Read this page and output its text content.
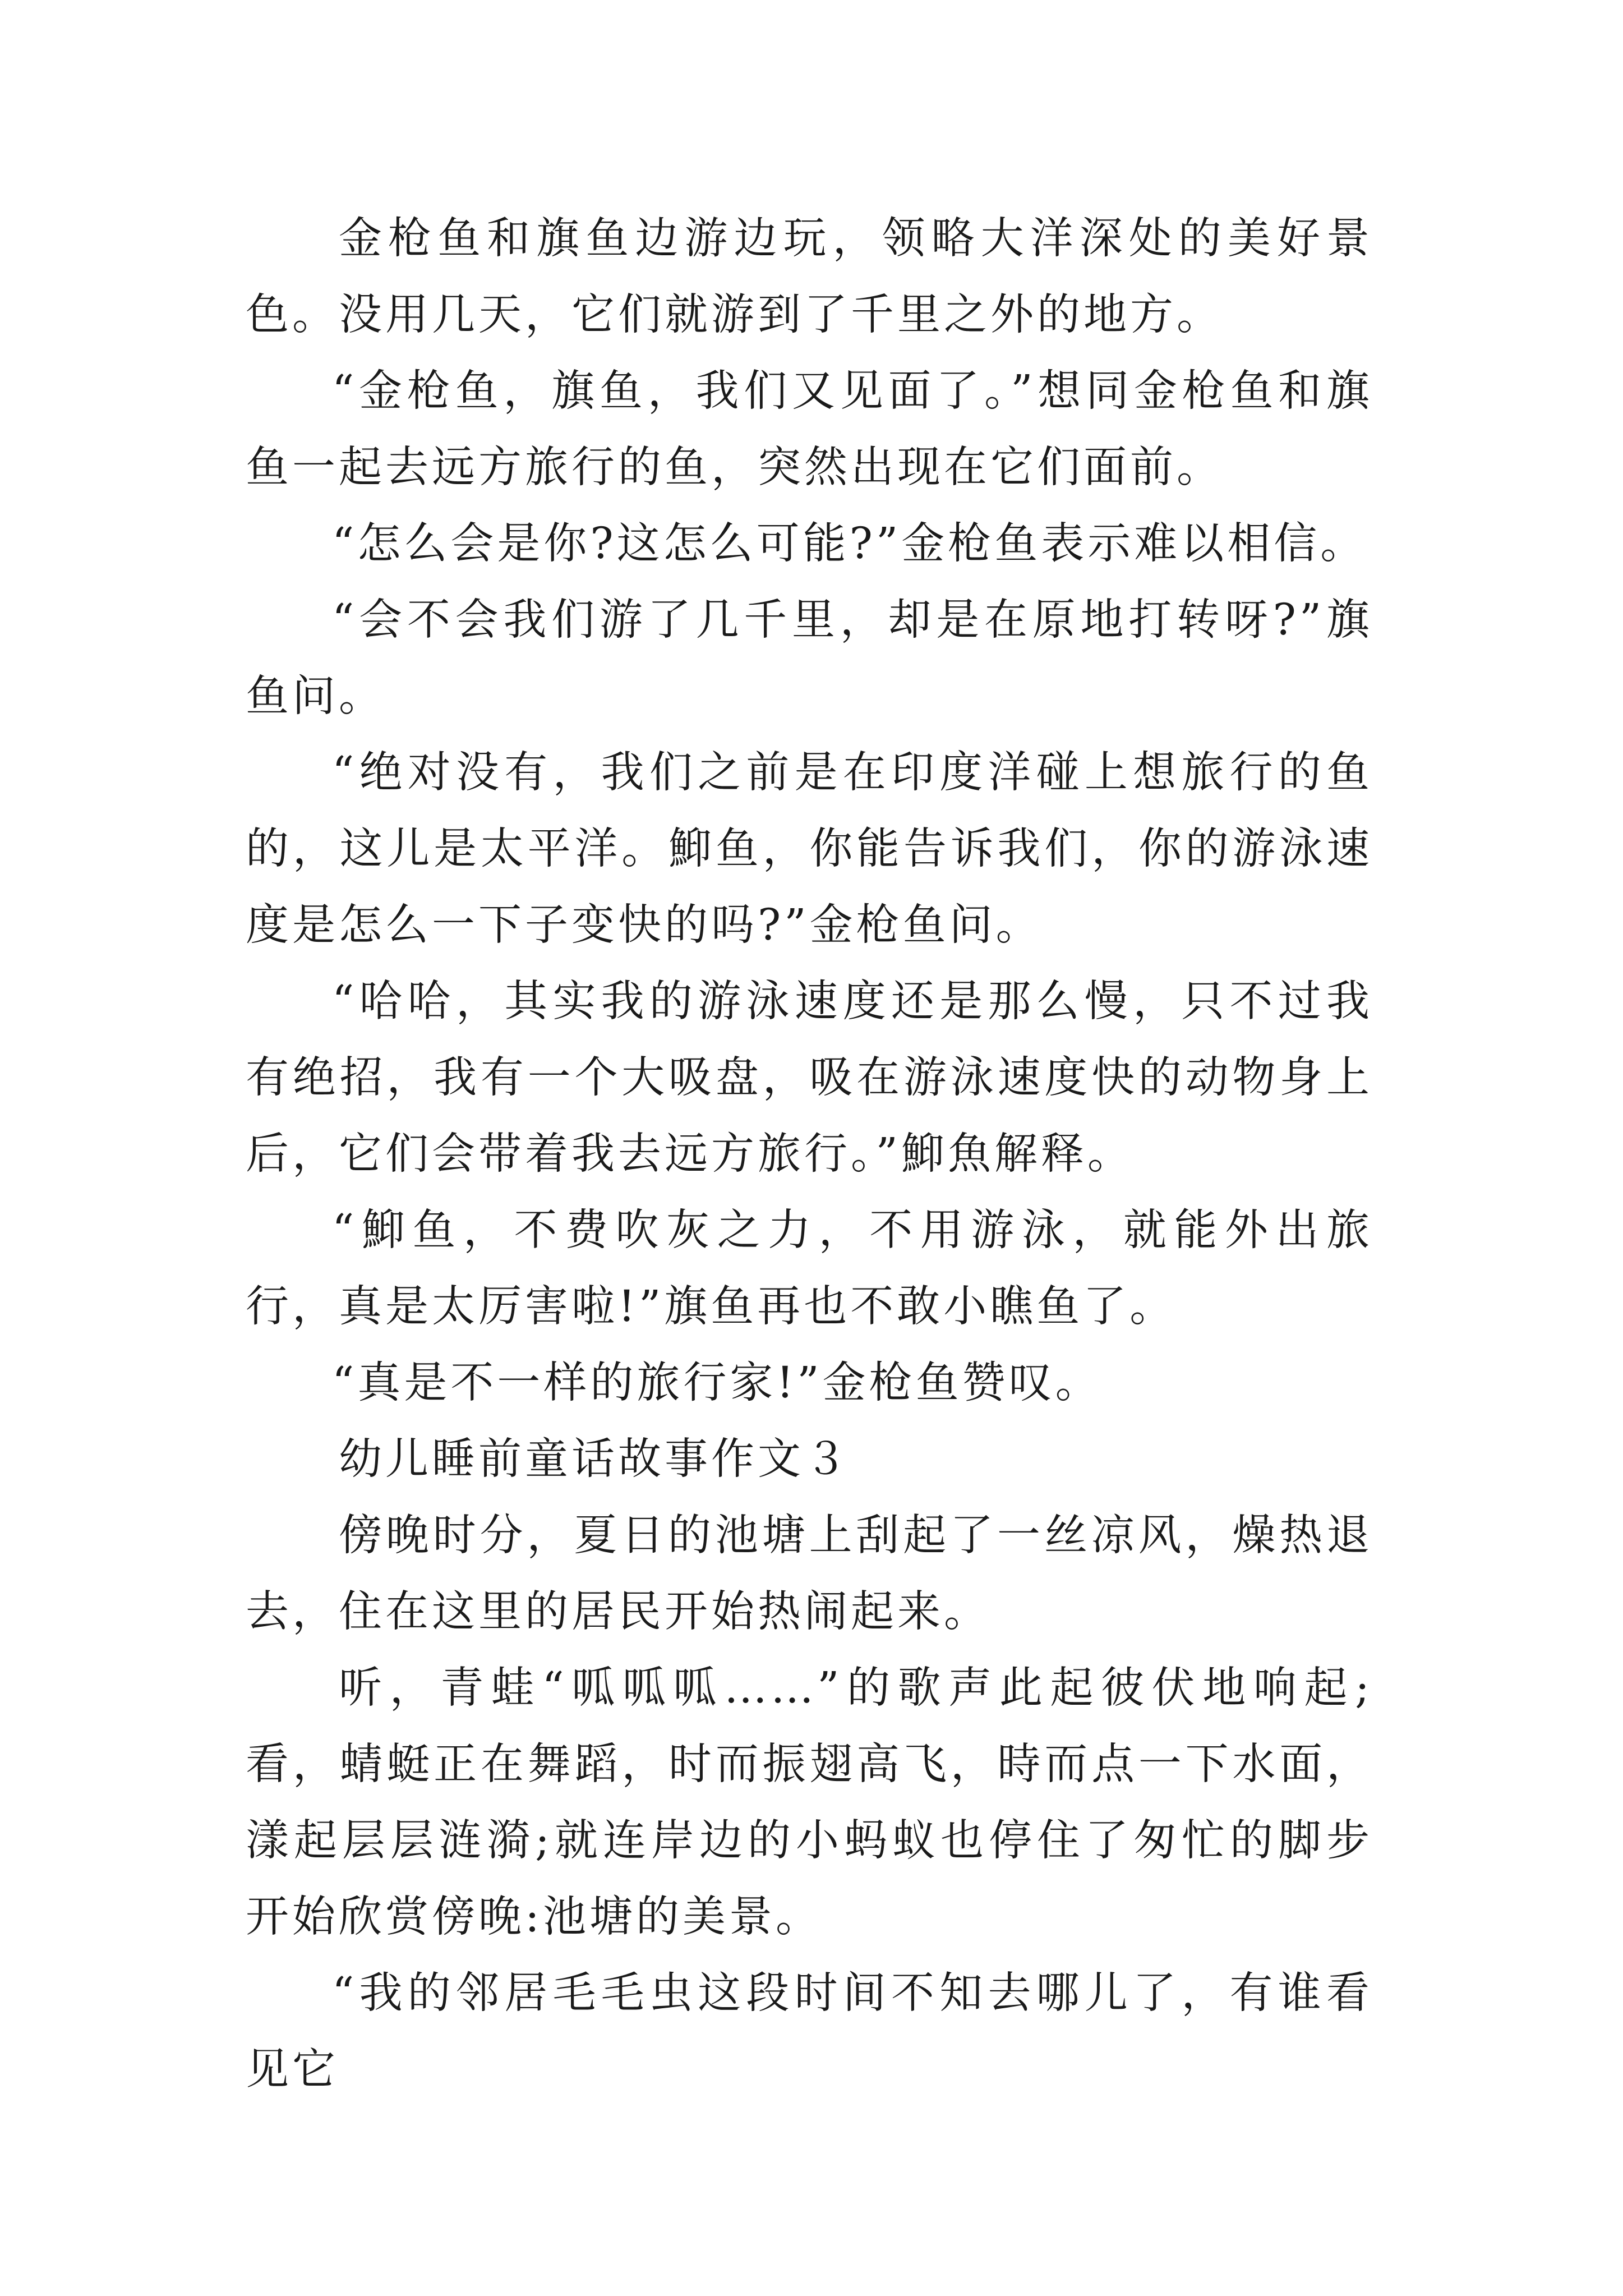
金枪鱼和旗鱼边游边玩，领略大洋深处的美好景色。没用几天，它们就游到了千里之外的地方。

“金枪鱼，旗鱼，我们又见面了。”想同金枪鱼和旗鱼一起去远方旅行的鱼，突然出现在它们面前。

“怎么会是你?这怎么可能?”金枪鱼表示难以相信。

“会不会我们游了几千里，却是在原地打转呀?”旗鱼问。

“绝对没有，我们之前是在印度洋碰上想旅行的鱼的，这儿是太平洋。鮣鱼，你能告诉我们，你的游泳速度是怎么一下子变快的吗?”金枪鱼问。

“哈哈，其实我的游泳速度还是那么慢，只不过我有绝招，我有一个大吸盘，吸在游泳速度快的动物身上后，它们会带着我去远方旅行。”鮣魚解释。

“鮣鱼，不费吹灰之力，不用游泳，就能外出旅行，真是太厉害啦!”旗鱼再也不敢小瞧鱼了。

“真是不一样的旅行家!”金枪鱼赞叹。

幼儿睡前童话故事作文３

傍晚时分，夏日的池塘上刮起了一丝凉风，燥热退去，住在这里的居民开始热闹起来。

听，青蛙“呱呱呱……”的歌声此起彼伏地响起;看，蜻蜓正在舞蹈，时而振翅高飞，時而点一下水面，漾起层层涟漪;就连岸边的小蚂蚁也停住了匆忙的脚步开始欣赏傍晚:池塘的美景。

“我的邻居毛毛虫这段时间不知去哪儿了，有谁看见它
